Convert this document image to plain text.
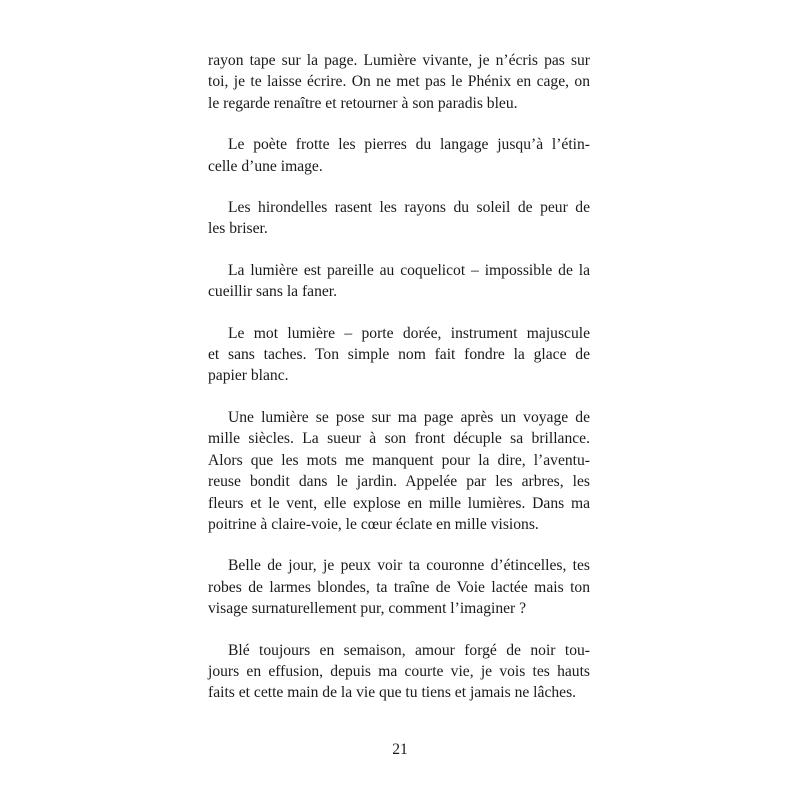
rayon tape sur la page. Lumière vivante, je n’écris pas sur
toi, je te laisse écrire. On ne met pas le Phénix en cage, on
le regarde renaître et retourner à son paradis bleu.
Le poète frotte les pierres du langage jusqu’à l’étin-
celle d’une image.
Les hirondelles rasent les rayons du soleil de peur de
les briser.
La lumière est pareille au coquelicot – impossible de la
cueillir sans la faner.
Le mot lumière – porte dorée, instrument majuscule
et sans taches. Ton simple nom fait fondre la glace de
papier blanc.
Une lumière se pose sur ma page après un voyage de
mille siècles. La sueur à son front décuple sa brillance.
Alors que les mots me manquent pour la dire, l’aventu-
reuse bondit dans le jardin. Appelée par les arbres, les
fleurs et le vent, elle explose en mille lumières. Dans ma
poitrine à claire-voie, le cœur éclate en mille visions.
Belle de jour, je peux voir ta couronne d’étincelles, tes
robes de larmes blondes, ta traîne de Voie lactée mais ton
visage surnaturellement pur, comment l’imaginer ?
Blé toujours en semaison, amour forgé de noir tou-
jours en effusion, depuis ma courte vie, je vois tes hauts
faits et cette main de la vie que tu tiens et jamais ne lâches.
21
